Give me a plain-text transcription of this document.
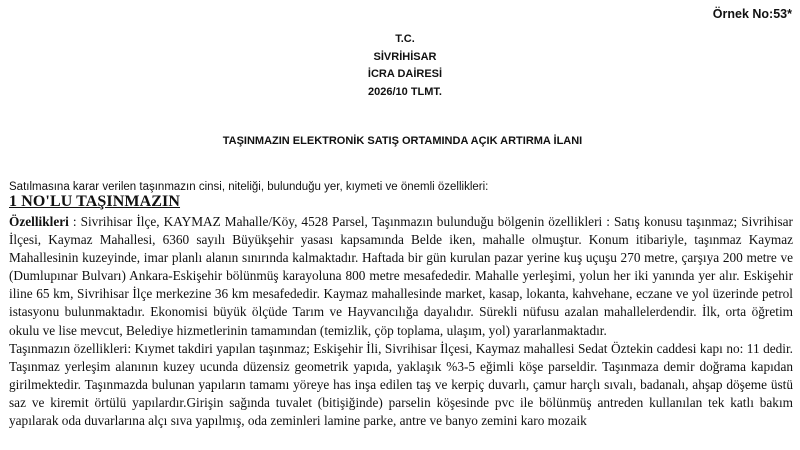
Örnek No:53*
T.C.
SİVRİHİSAR
İCRA DAİRESİ
2026/10 TLMT.
TAŞINMAZIN ELEKTRONİK SATIŞ ORTAMINDA AÇIK ARTIRMA İLANI
Satılmasına karar verilen taşınmazın cinsi, niteliği, bulunduğu yer, kıymeti ve önemli özellikleri:
1 NO'LU TAŞINMAZIN

Özellikleri : Sivrihisar İlçe, KAYMAZ Mahalle/Köy, 4528 Parsel, Taşınmazın bulunduğu bölgenin özellikleri : Satış konusu taşınmaz; Sivrihisar İlçesi, Kaymaz Mahallesi, 6360 sayılı Büyükşehir yasası kapsamında Belde iken, mahalle olmuştur. Konum itibariyle, taşınmaz Kaymaz Mahallesinin kuzeyinde, imar planlı alanın sınırında kalmaktadır. Haftada bir gün kurulan pazar yerine kuş uçuşu 270 metre, çarşıya 200 metre ve (Dumlupınar Bulvarı) Ankara-Eskişehir bölünmüş karayoluna 800 metre mesafededir. Mahalle yerleşimi, yolun her iki yanında yer alır. Eskişehir iline 65 km, Sivrihisar İlçe merkezine 36 km mesafededir. Kaymaz mahallesinde market, kasap, lokanta, kahvehane, eczane ve yol üzerinde petrol istasyonu bulunmaktadır. Ekonomisi büyük ölçüde Tarım ve Hayvancılığa dayalıdır. Sürekli nüfusu azalan mahallelerdendir. İlk, orta öğretim okulu ve lise mevcut, Belediye hizmetlerinin tamamından (temizlik, çöp toplama, ulaşım, yol) yararlanmaktadır.

Taşınmazın özellikleri: Kıymet takdiri yapılan taşınmaz; Eskişehir İli, Sivrihisar İlçesi, Kaymaz mahallesi Sedat Öztekin caddesi kapı no: 11 dedir. Taşınmaz yerleşim alanının kuzey ucunda düzensiz geometrik yapıda, yaklaşık %3-5 eğimli köşe parseldir. Taşınmaza demir doğrama kapıdan girilmektedir. Taşınmazda bulunan yapıların tamamı yöreye has inşa edilen taş ve kerpiç duvarlı, çamur harçlı sıvalı, badanalı, ahşap döşeme üstü saz ve kiremit örtülü yapılardır.Girişin sağında tuvalet (bitişiğinde) parselin köşesinde pvc ile bölünmüş antreden kullanılan tek katlı bakım yapılarak oda duvarlarına alçı sıva yapılmış, oda zeminleri lamine parke, antre ve banyo zemini karo mozaik
